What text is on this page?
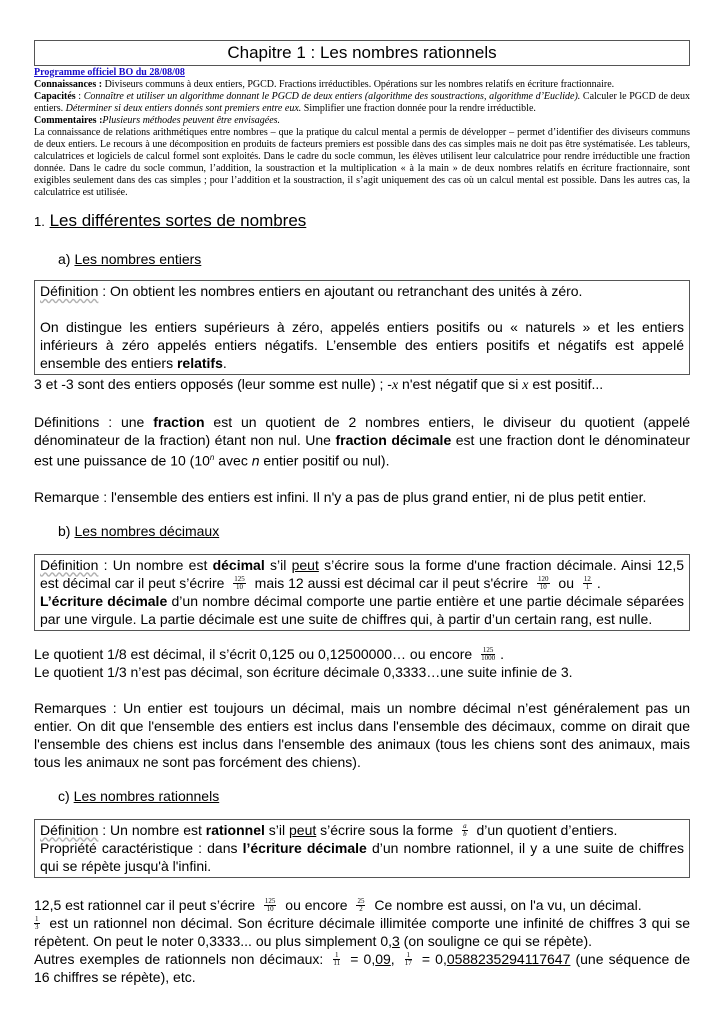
Chapitre 1 : Les nombres rationnels
Programme officiel BO du 28/08/08

Connaissances : Diviseurs communs à deux entiers, PGCD. Fractions irréductibles. Opérations sur les nombres relatifs en écriture fractionnaire.

Capacités : Connaître et utiliser un algorithme donnant le PGCD de deux entiers (algorithme des soustractions, algorithme d’Euclide). Calculer le PGCD de deux entiers. Déterminer si deux entiers donnés sont premiers entre eux. Simplifier une fraction donnée pour la rendre irréductible.

Commentaires :Plusieurs méthodes peuvent être envisagées.

La connaissance de relations arithmétiques entre nombres – que la pratique du calcul mental a permis de développer – permet d’identifier des diviseurs communs de deux entiers. Le recours à une décomposition en produits de facteurs premiers est possible dans des cas simples mais ne doit pas être systématisée. Les tableurs, calculatrices et logiciels de calcul formel sont exploités. Dans le cadre du socle commun, les élèves utilisent leur calculatrice pour rendre irréductible une fraction donnée. Dans le cadre du socle commun, l’addition, la soustraction et la multiplication « à la main » de deux nombres relatifs en écriture fractionnaire, sont exigibles seulement dans des cas simples ; pour l’addition et la soustraction, il s’agit uniquement des cas où un calcul mental est possible. Dans les autres cas, la calculatrice est utilisée.

1. Les différentes sortes de nombres
a) Les nombres entiers

Définition : On obtient les nombres entiers en ajoutant ou retranchant des unités à zéro.

On distingue les entiers supérieurs à zéro, appelés entiers positifs ou « naturels » et les entiers inférieurs à zéro appelés entiers négatifs. L’ensemble des entiers positifs et négatifs est appelé ensemble des entiers relatifs.

3 et -3 sont des entiers opposés (leur somme est nulle) ; -x n'est négatif que si x est positif...

Définitions : une fraction est un quotient de 2 nombres entiers, le diviseur du quotient (appelé dénominateur de la fraction) étant non nul. Une fraction décimale est une fraction dont le dénominateur est une puissance de 10 (10$^n$ avec n entier positif ou nul).

Remarque : l'ensemble des entiers est infini. Il n'y a pas de plus grand entier, ni de plus petit entier.

b) Les nombres décimaux

Définition : Un nombre est décimal s’il peut s’écrire sous la forme d'une fraction décimale. Ainsi 12,5 est décimal car il peut s’écrire $\frac{125}{10}$ mais 12 aussi est décimal car il peut s'écrire $\frac{120}{10}$ ou $\frac{12}{1}$ .

L’écriture décimale d’un nombre décimal comporte une partie entière et une partie décimale séparées par une virgule. La partie décimale est une suite de chiffres qui, à partir d’un certain rang, est nulle.

Le quotient 1/8 est décimal, il s’écrit 0,125 ou 0,12500000… ou encore $\frac{125}{1000}$ .

Le quotient 1/3 n’est pas décimal, son écriture décimale 0,3333…une suite infinie de 3.

Remarques : Un entier est toujours un décimal, mais un nombre décimal n’est généralement pas un entier. On dit que l'ensemble des entiers est inclus dans l'ensemble des décimaux, comme on dirait que l'ensemble des chiens est inclus dans l'ensemble des animaux (tous les chiens sont des animaux, mais tous les animaux ne sont pas forcément des chiens).

c) Les nombres rationnels

Définition : Un nombre est rationnel s’il peut s’écrire sous la forme $\frac{a}{b}$ d’un quotient d’entiers.

Propriété caractéristique : dans l’écriture décimale d’un nombre rationnel, il y a une suite de chiffres qui se répète jusqu'à l'infini.

12,5 est rationnel car il peut s’écrire $\frac{125}{10}$ ou encore $\frac{25}{2}$ Ce nombre est aussi, on l'a vu, un décimal.

$\frac{1}{3}$ est un rationnel non décimal. Son écriture décimale illimitée comporte une infinité de chiffres 3 qui se répètent. On peut le noter 0,3333... ou plus simplement 0,3 (on souligne ce qui se répète).

Autres exemples de rationnels non décimaux: $\frac{1}{11} = 0,09$, $\frac{1}{17} = 0,0588235294117647$ (une séquence de 16 chiffres se répète), etc.
